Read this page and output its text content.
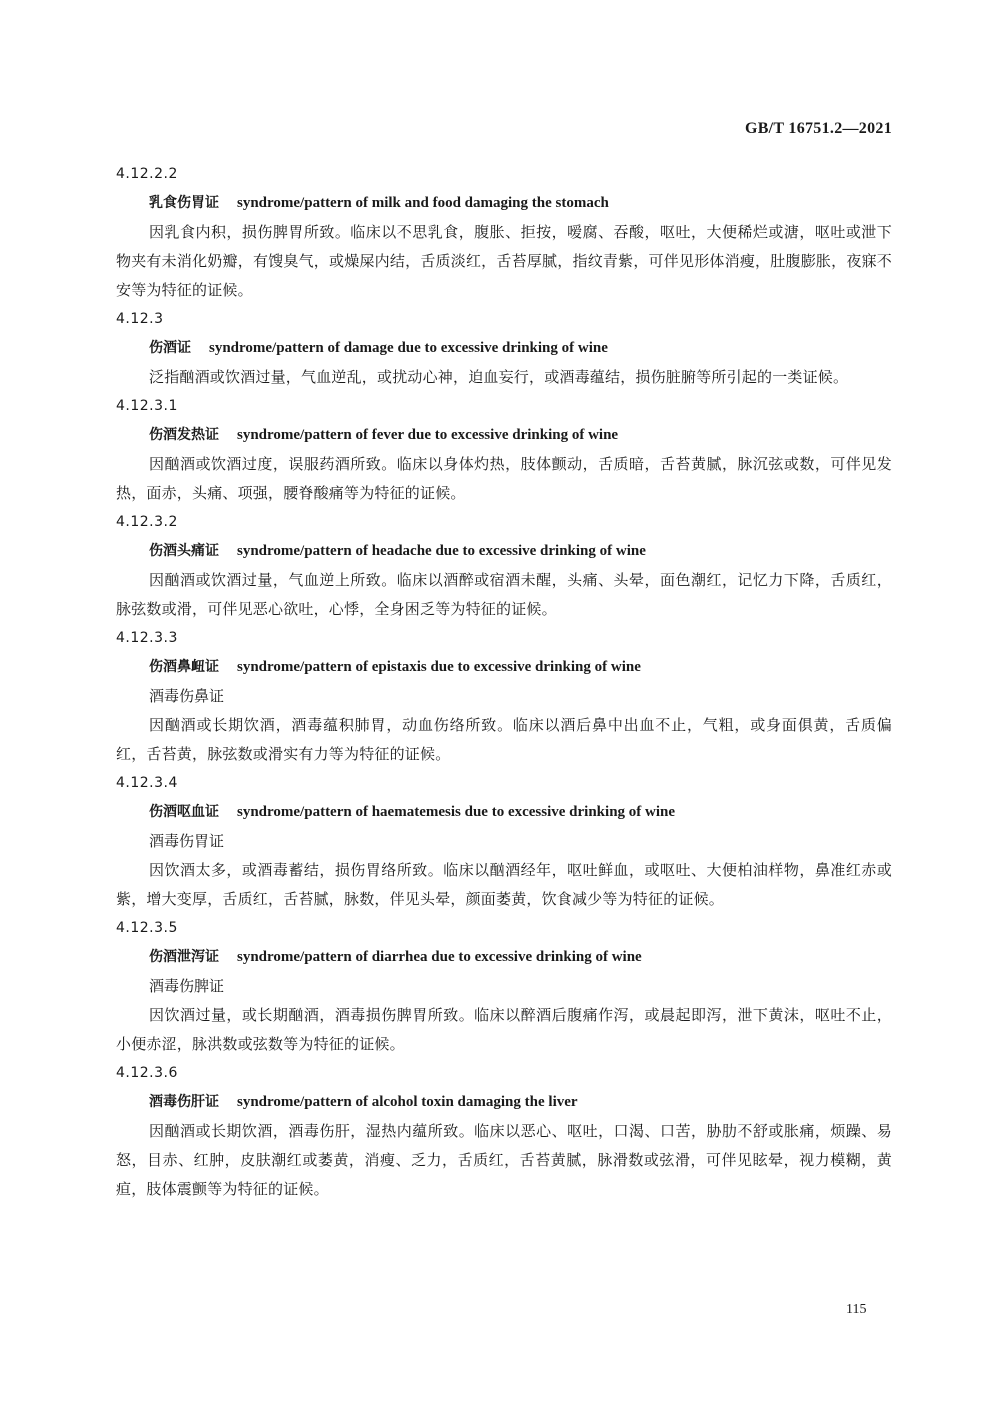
GB/T 16751.2—2021
4.12.2.2
乳食伤胃证 syndrome/pattern of milk and food damaging the stomach

因乳食内积，损伤脾胃所致。临床以不思乳食，腹胀、拒按，嗳腐、吞酸，呕吐，大便稀烂或溏，呕吐或泄下物夹有未消化奶瓣，有馊臭气，或燥屎内结，舌质淡红，舌苔厚腻，指纹青紫，可伴见形体消瘦，肚腹膨胀，夜寐不安等为特征的证候。

4.12.3
伤酒证 syndrome/pattern of damage due to excessive drinking of wine

泛指酗酒或饮酒过量，气血逆乱，或扰动心神，迫血妄行，或酒毒蕴结，损伤脏腑等所引起的一类证候。

4.12.3.1
伤酒发热证 syndrome/pattern of fever due to excessive drinking of wine

因酗酒或饮酒过度，误服药酒所致。临床以身体灼热，肢体颤动，舌质暗，舌苔黄腻，脉沉弦或数，可伴见发热，面赤，头痛、项强，腰脊酸痛等为特征的证候。

4.12.3.2
伤酒头痛证 syndrome/pattern of headache due to excessive drinking of wine

因酗酒或饮酒过量，气血逆上所致。临床以酒醉或宿酒未醒，头痛、头晕，面色潮红，记忆力下降，舌质红，脉弦数或滑，可伴见恶心欲吐，心悸，全身困乏等为特征的证候。

4.12.3.3
伤酒鼻衄证 syndrome/pattern of epistaxis due to excessive drinking of wine
酒毒伤鼻证

因酗酒或长期饮酒，酒毒蕴积肺胃，动血伤络所致。临床以酒后鼻中出血不止，气粗，或身面俱黄，舌质偏红，舌苔黄，脉弦数或滑实有力等为特征的证候。

4.12.3.4
伤酒呕血证 syndrome/pattern of haematemesis due to excessive drinking of wine
酒毒伤胃证

因饮酒太多，或酒毒蓄结，损伤胃络所致。临床以酗酒经年，呕吐鲜血，或呕吐、大便柏油样物，鼻准红赤或紫，增大变厚，舌质红，舌苔腻，脉数，伴见头晕，颜面萎黄，饮食减少等为特征的证候。

4.12.3.5
伤酒泄泻证 syndrome/pattern of diarrhea due to excessive drinking of wine
酒毒伤脾证

因饮酒过量，或长期酗酒，酒毒损伤脾胃所致。临床以醉酒后腹痛作泻，或晨起即泻，泄下黄沫，呕吐不止，小便赤涩，脉洪数或弦数等为特征的证候。

4.12.3.6
酒毒伤肝证 syndrome/pattern of alcohol toxin damaging the liver

因酗酒或长期饮酒，酒毒伤肝，湿热内蕴所致。临床以恶心、呕吐，口渴、口苦，胁肋不舒或胀痛，烦躁、易怒，目赤、红肿，皮肤潮红或萎黄，消瘦、乏力，舌质红，舌苔黄腻，脉滑数或弦滑，可伴见眩晕，视力模糊，黄疸，肢体震颤等为特征的证候。

115
